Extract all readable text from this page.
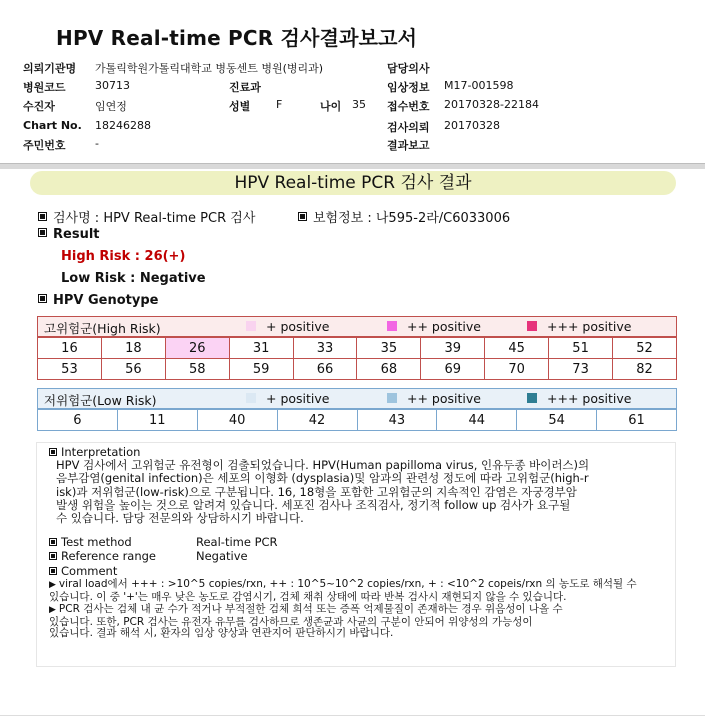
HPV Real-time PCR 검사결과보고서
의뢰기관명 가톨릭학원가톨릭대학교 병동센트 병원(병리과)
병원코드	30713
수진자	임연정
Chart No. 18246288
주민번호	-
진료과
성별 F	나이 35
담당의사
임상정보 M17-001598
접수번호 20170328-22184
검사의뢰 20170328
결과보고
HPV Real-time PCR 검사 결과
검사명 : HPV Real-time PCR 검사	보험정보 : 나595-2라/C6033006
Result
High Risk : 26(+)
Low Risk : Negative
HPV Genotype
고위험군(High Risk)	+ positive	++ positive	+++ positive
16	18	26	31	33	35	39	45	51	52
53	56	58	59	66	68	69	70	73	82
저위험군(Low Risk)	+ positive	++ positive	+++ positive
6	11	40	42	43	44	54	61
Interpretation
HPV 검사에서 고위험군 유전형이 검출되었습니다. HPV(Human papilloma virus, 인유두종 바이러스)의
음부감염(genital infection)은 세포의 이형화 (dysplasia)및 암과의 관련성 정도에 따라 고위험군(high-r
isk)과 저위험군(low-risk)으로 구분됩니다. 16, 18형을 포함한 고위험군의 지속적인 감염은 자궁경부암
발생 위험을 높이는 것으로 알려져 있습니다. 세포진 검사나 조직검사, 정기적 follow up 검사가 요구될
수 있습니다. 담당 전문의와 상담하시기 바랍니다.
Test method	Real-time PCR
Reference range	Negative
Comment
▶ viral load에서 +++ : >10^5 copies/rxn, ++ : 10^5~10^2 copies/rxn, + : <10^2 copeis/rxn 의 농도로 해석될 수
있습니다. 이 중 '+'는 매우 낮은 농도로 감염시기, 검체 채취 상태에 따라 반복 검사시 재현되지 않을 수 있습니다.
▶ PCR 검사는 검체 내 균 수가 적거나 부적절한 검체 희석 또는 증폭 억제물질이 존재하는 경우 위음성이 나올 수
있습니다. 또한, PCR 검사는 유전자 유무를 검사하므로 생존균과 사균의 구분이 안되어 위양성의 가능성이
있습니다. 결과 해석 시, 환자의 임상 양상과 연관지어 판단하시기 바랍니다.
